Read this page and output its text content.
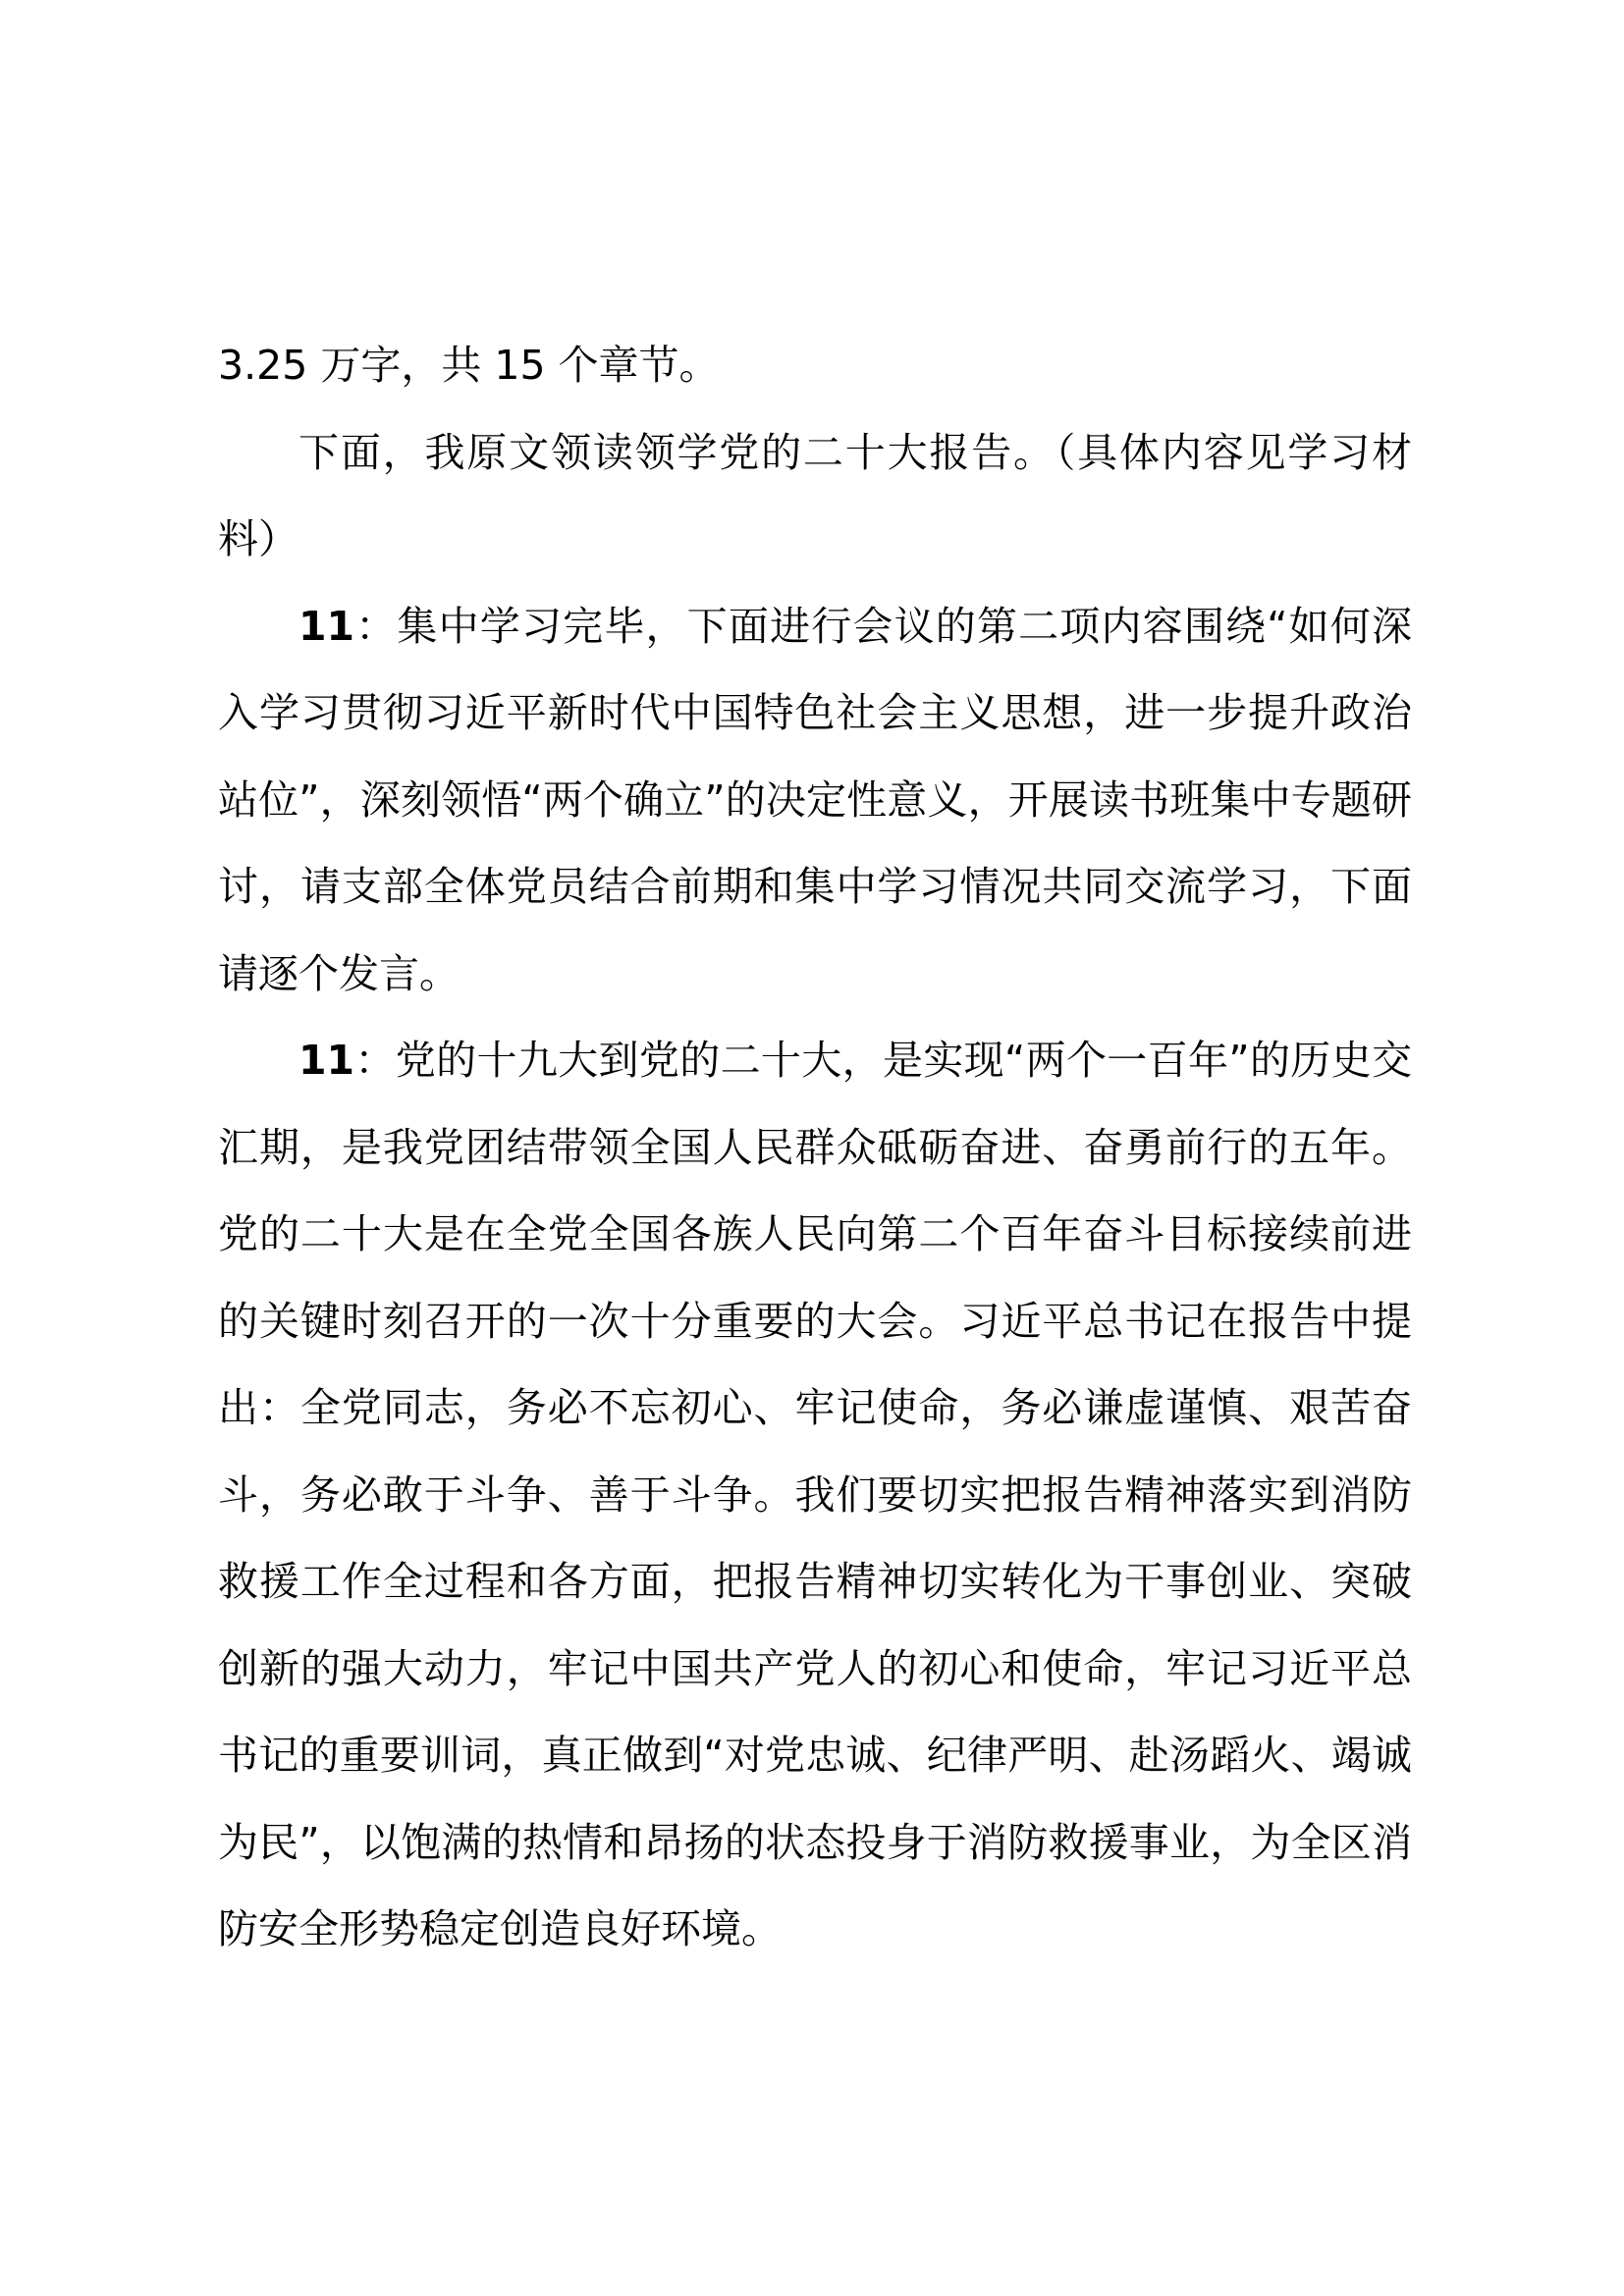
3.25 万字，共 15 个章节。

下面，我原文领读领学党的二十大报告。（具体内容见学习材料）

11：集中学习完毕，下面进行会议的第二项内容围绕“如何深入学习贯彻习近平新时代中国特色社会主义思想，进一步提升政治站位”，深刻领悟“两个确立”的决定性意义，开展读书班集中专题研讨，请支部全体党员结合前期和集中学习情况共同交流学习，下面请逐个发言。

11：党的十九大到党的二十大，是实现“两个一百年”的历史交汇期，是我党团结带领全国人民群众砥砺奋进、奋勇前行的五年。党的二十大是在全党全国各族人民向第二个百年奋斗目标接续前进的关键时刻召开的一次十分重要的大会。习近平总书记在报告中提出：全党同志，务必不忘初心、牢记使命，务必谦虚谨慎、艰苦奋斗，务必敢于斗争、善于斗争。我们要切实把报告精神落实到消防救援工作全过程和各方面，把报告精神切实转化为干事创业、突破创新的强大动力，牢记中国共产党人的初心和使命，牢记习近平总书记的重要训词，真正做到“对党忠诚、纪律严明、赴汤蹈火、竭诚为民”，以饱满的热情和昂扬的状态投身于消防救援事业，为全区消防安全形势稳定创造良好环境。
